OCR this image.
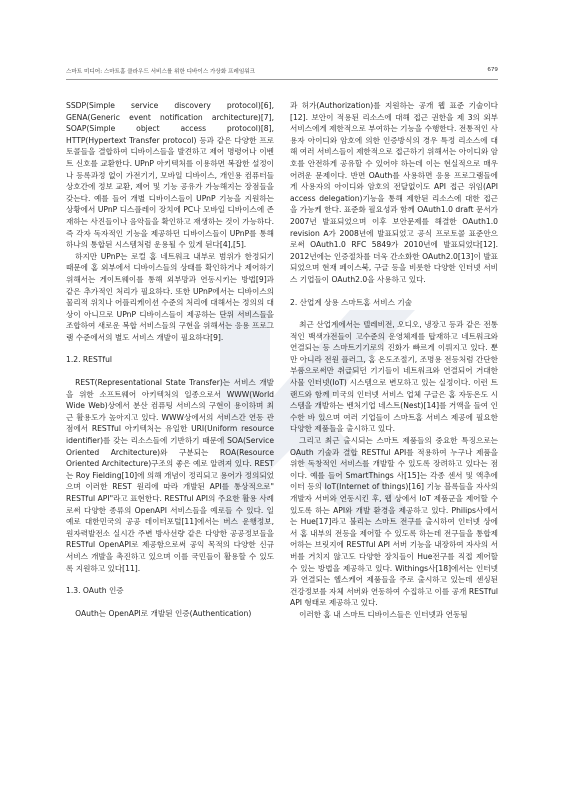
스마트 미디어: 스마트홈 클라우드 서비스를 위한 디바이스 가상화 프레임워크	679

SSDP(Simple service discovery protocol)[6], GENA(Generic event notification architecture)[7], SOAP(Simple object access protocol)[8], HTTP(Hypertext Transfer protocol) 등과 같은 다양한 프로토콜들을 결합하여 디바이스들을 발견하고 제어 명령어나 이벤트 신호를 교환한다. UPnP 아키텍처를 이용하면 복잡한 설정이나 등록과정 없이 가전기기, 모바일 디바이스, 개인용 컴퓨터들 상호간에 정보 교환, 제어 및 기능 공유가 가능해지는 장점들을 갖는다. 예를 들어 개별 디바이스들이 UPnP 기능을 지원하는 상황에서 UPnP 디스플레이 장치에 PC나 모바일 디바이스에 존재하는 사진들이나 음악들을 확인하고 재생하는 것이 가능하다. 즉 각자 독자적인 기능을 제공하던 디바이스들이 UPnP를 통해 하나의 통합된 시스템처럼 운용될 수 있게 된다[4],[5].

하지만 UPnP는 로컬 홈 네트워크 내부로 범위가 한정되기 때문에 홈 외부에서 디바이스들의 상태를 확인하거나 제어하기 위해서는 게이트웨이를 통해 외부망과 연동시키는 방법[9]과 같은 추가적인 처리가 필요하다. 또한 UPnP에서는 디바이스의 물리적 위치나 어플리케이션 수준의 처리에 대해서는 정의의 대상이 아니므로 UPnP 디바이스들이 제공하는 단위 서비스들을 조합하여 새로운 복합 서비스들의 구현을 위해서는 응용 프로그램 수준에서의 별도 서비스 개발이 필요하다[9].

1.2. RESTful

REST(Representational State Transfer)는 서비스 개발을 위한 소프트웨어 아키텍처의 일종으로서 WWW(World Wide Web)상에서 분산 컴퓨팅 서비스의 구현이 용이하며 최근 활용도가 높아지고 있다. WWW상에서의 서비스간 연동 관점에서 RESTful 아키텍처는 유일한 URI(Uniform resource identifier)를 갖는 리소스들에 기반하기 때문에 SOA(Service Oriented Architecture)와 구분되는 ROA(Resource Oriented Architecture)구조의 좋은 예로 알려져 있다. REST는 Roy Fielding[10]에 의해 개념이 정리되고 용어가 정의되었으며 이러한 REST 원리에 따라 개발된 API를 통상적으로" RESTful API"라고 표현한다. RESTful API의 주요한 활용 사례로써 다양한 종류의 OpenAPI 서비스들을 예로들 수 있다. 일 예로 대한민국의 공공 데이터포털[11]에서는 버스 운행정보, 원자력발전소 실시간 주변 방사선량 같은 다양한 공공정보들을 RESTful OpenAPI로 제공함으로써 공익 목적의 다양한 신규 서비스 개발을 촉진하고 있으며 이를 국민들이 활용할 수 있도록 지원하고 있다[11].

1.3. OAuth 인증

OAuth는 OpenAPI로 개발된 인증(Authentication)

과 허가(Authorization)를 지원하는 공개 웹 표준 기술이다[12]. 보안이 적용된 리소스에 대해 접근 권한을 제 3의 외부 서비스에게 제한적으로 부여하는 기능을 수행한다. 전통적인 사용자 아이디와 암호에 의한 인증방식의 경우 특정 리소스에 대해 여러 서비스들이 제한적으로 접근하기 위해서는 아이디와 암호를 안전하게 공유할 수 있어야 하는데 이는 현실적으로 매우 어려운 문제이다. 반면 OAuth를 사용하면 응용 프로그램들에게 사용자의 아이디와 암호의 전달없이도 API 접근 위임(API access delegation)기능을 통해 제한된 리소스에 대한 접근을 가능케 한다. 표준화 필요성과 함께 OAuth1.0 draft 문서가 2007년 발표되었으며 이후 보안문제를 해결한 OAuth1.0 revision A가 2008년에 발표되었고 공식 프로토콜 표준안으로써 OAuth1.0 RFC 5849가 2010년에 발표되었다[12]. 2012년에는 인증절차를 더욱 간소화한 OAuth2.0[13]이 발표되었으며 현재 페이스북, 구글 등을 비롯한 다양한 인터넷 서비스 기업들이 OAuth2.0을 사용하고 있다.

2. 산업계 상용 스마트홈 서비스 기술

최근 산업계에서는 텔레비전, 오디오, 냉장고 등과 같은 전통적인 백색가전들이 고수준의 운영체제를 탑재하고 네트워크와 연결되는 등 스마트기기로의 진화가 빠르게 이뤄지고 있다. 뿐만 아니라 전원 플러그, 홈 온도조절기, 조명용 전등처럼 간단한 부품으로써만 취급되던 기기들이 네트워크와 연결되어 거대한 사물 인터넷(IoT) 시스템으로 변모하고 있는 실정이다. 이런 트랜드와 함께 미국의 인터넷 서비스 업체 구글은 홈 자동온도 시스템을 개발하는 벤처기업 네스트(Nest)[14]를 거액을 들여 인수한 바 있으며 여러 기업들이 스마트홈 서비스 제공에 필요한 다양한 제품들을 출시하고 있다.

그리고 최근 출시되는 스마트 제품들의 중요한 특징으로는 OAuth 기술과 결합 RESTful API를 적용하여 누구나 제품을 위한 독창적인 서비스를 개발할 수 있도록 장려하고 있다는 점이다. 예를 들어 SmartThings 사[15]는 각종 센서 및 액추에이터 등의 IoT(Internet of things)[16] 기능 블록들을 자사의 개발자 서버와 연동시킨 후, 웹 상에서 IoT 제품군을 제어할 수 있도록 하는 API와 개발 환경을 제공하고 있다. Philips사에서는 Hue[17]라고 불리는 스마트 전구를 출시하여 인터넷 상에서 홈 내부의 전등을 제어할 수 있도록 하는데 전구들을 통합제어하는 브릿지에 RESTful API 서버 기능을 내장하여 자사의 서버를 거치지 않고도 다양한 장치들이 Hue전구를 직접 제어할 수 있는 방법을 제공하고 있다. Withings사[18]에서는 인터넷과 연결되는 헬스케어 제품들을 주로 출시하고 있는데 센싱된 건강정보를 자체 서버와 연동하여 수집하고 이를 공개 RESTful API 형태로 제공하고 있다.

이러한 홈 내 스마트 디바이스들은 인터넷과 연동됨
